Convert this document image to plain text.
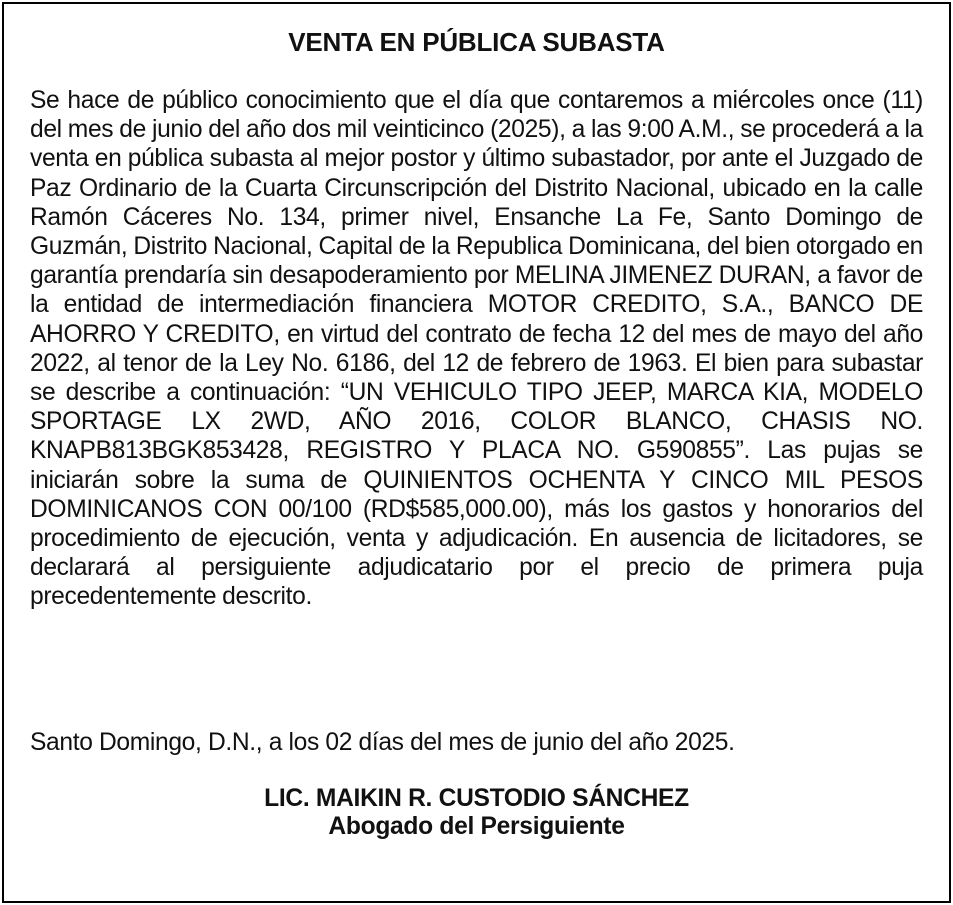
VENTA EN PÚBLICA SUBASTA

Se hace de público conocimiento que el día que contaremos a miércoles once (11) del mes de junio del año dos mil veinticinco (2025), a las 9:00 A.M., se procederá a la venta en pública subasta al mejor postor y último subastador, por ante el Juzgado de Paz Ordinario de la Cuarta Circunscripción del Distrito Nacional, ubicado en la calle Ramón Cáceres No. 134, primer nivel, Ensanche La Fe, Santo Domingo de Guzmán, Distrito Nacional, Capital de la Republica Dominicana, del bien otorgado en garantía prendaría sin desapoderamiento por MELINA JIMENEZ DURAN, a favor de la entidad de intermediación financiera MOTOR CREDITO, S.A., BANCO DE AHORRO Y CREDITO, en virtud del contrato de fecha 12 del mes de mayo del año 2022, al tenor de la Ley No. 6186, del 12 de febrero de 1963. El bien para subastar se describe a continuación: “UN VEHICULO TIPO JEEP, MARCA KIA, MODELO SPORTAGE LX 2WD, AÑO 2016, COLOR BLANCO, CHASIS NO. KNAPB813BGK853428, REGISTRO Y PLACA NO. G590855”. Las pujas se iniciarán sobre la suma de QUINIENTOS OCHENTA Y CINCO MIL PESOS DOMINICANOS CON 00/100 (RD$585,000.00), más los gastos y honorarios del procedimiento de ejecución, venta y adjudicación. En ausencia de licitadores, se declarará al persiguiente adjudicatario por el precio de primera puja precedentemente descrito.

Santo Domingo, D.N., a los 02 días del mes de junio del año 2025.
LIC. MAIKIN R. CUSTODIO SÁNCHEZ
Abogado del Persiguiente
